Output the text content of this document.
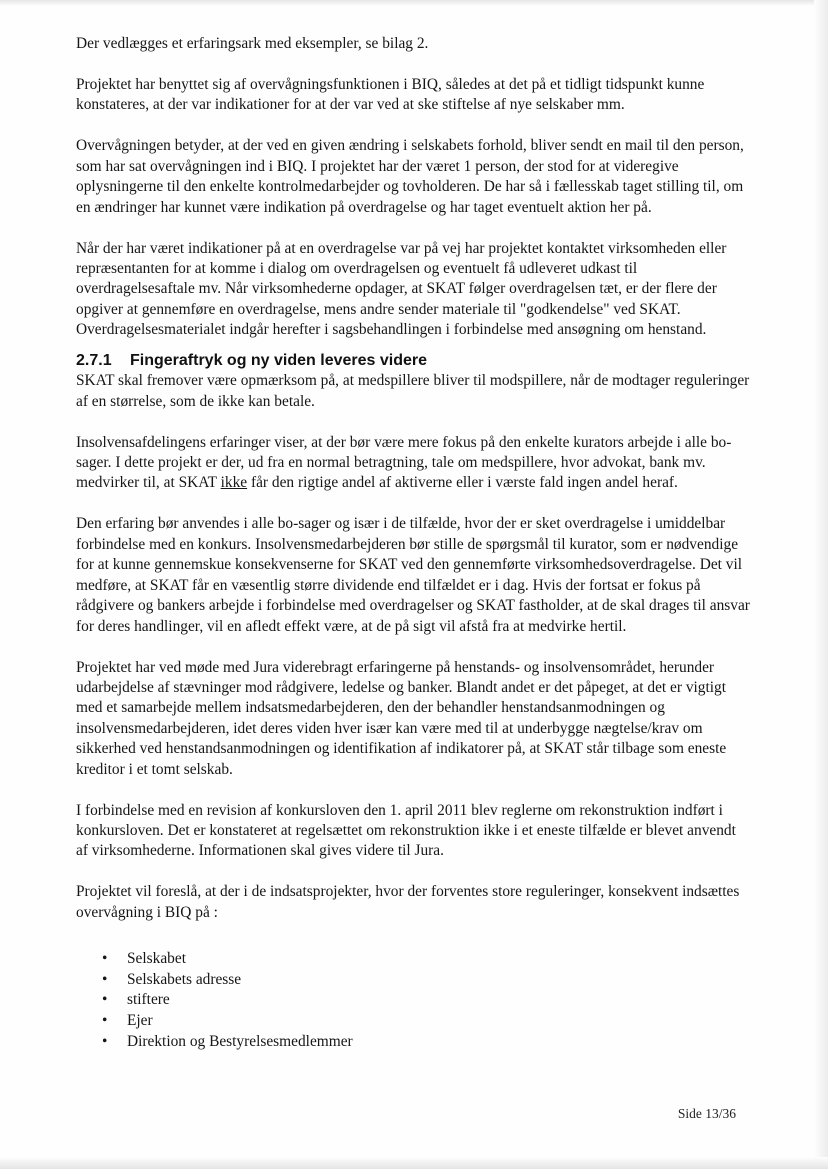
Der vedlægges et erfaringsark med eksempler, se bilag 2.

Projektet har benyttet sig af overvågningsfunktionen i BIQ, således at det på et tidligt tidspunkt kunne konstateres, at der var indikationer for at der var ved at ske stiftelse af nye selskaber mm.

Overvågningen betyder, at der ved en given ændring i selskabets forhold, bliver sendt en mail til den person, som har sat overvågningen ind i BIQ. I projektet har der været 1 person, der stod for at videregive oplysningerne til den enkelte kontrolmedarbejder og tovholderen. De har så i fællesskab taget stilling til, om en ændringer har kunnet være indikation på overdragelse og har taget eventuelt aktion her på.

Når der har været indikationer på at en overdragelse var på vej har projektet kontaktet virksomheden eller repræsentanten for at komme i dialog om overdragelsen og eventuelt få udleveret udkast til overdragelsesaftale mv. Når virksomhederne opdager, at SKAT følger overdragelsen tæt, er der flere der opgiver at gennemføre en overdragelse, mens andre sender materiale til "godkendelse" ved SKAT. Overdragelsesmaterialet indgår herefter i sagsbehandlingen i forbindelse med ansøgning om henstand.

2.7.1 Fingeraftryk og ny viden leveres videre

SKAT skal fremover være opmærksom på, at medspillere bliver til modspillere, når de modtager reguleringer af en størrelse, som de ikke kan betale.

Insolvensafdelingens erfaringer viser, at der bør være mere fokus på den enkelte kurators arbejde i alle bo-sager. I dette projekt er der, ud fra en normal betragtning, tale om medspillere, hvor advokat, bank mv. medvirker til, at SKAT ikke får den rigtige andel af aktiverne eller i værste fald ingen andel heraf.

Den erfaring bør anvendes i alle bo-sager og især i de tilfælde, hvor der er sket overdragelse i umiddelbar forbindelse med en konkurs. Insolvensmedarbejderen bør stille de spørgsmål til kurator, som er nødvendige for at kunne gennemskue konsekvenserne for SKAT ved den gennemførte virksomhedsoverdragelse. Det vil medføre, at SKAT får en væsentlig større dividende end tilfældet er i dag. Hvis der fortsat er fokus på rådgivere og bankers arbejde i forbindelse med overdragelser og SKAT fastholder, at de skal drages til ansvar for deres handlinger, vil en afledt effekt være, at de på sigt vil afstå fra at medvirke hertil.

Projektet har ved møde med Jura viderebragt erfaringerne på henstands- og insolvensområdet, herunder udarbejdelse af stævninger mod rådgivere, ledelse og banker. Blandt andet er det påpeget, at det er vigtigt med et samarbejde mellem indsatsmedarbejderen, den der behandler henstandsanmodningen og insolvensmedarbejderen, idet deres viden hver især kan være med til at underbygge nægtelse/krav om sikkerhed ved henstandsanmodningen og identifikation af indikatorer på, at SKAT står tilbage som eneste kreditor i et tomt selskab.

I forbindelse med en revision af konkursloven den 1. april 2011 blev reglerne om rekonstruktion indført i konkursloven. Det er konstateret at regelsættet om rekonstruktion ikke i et eneste tilfælde er blevet anvendt af virksomhederne. Informationen skal gives videre til Jura.

Projektet vil foreslå, at der i de indsatsprojekter, hvor der forventes store reguleringer, konsekvent indsættes overvågning i BIQ på :

• Selskabet
• Selskabets adresse
• stiftere
• Ejer
• Direktion og Bestyrelsesmedlemmer
Side 13/36
